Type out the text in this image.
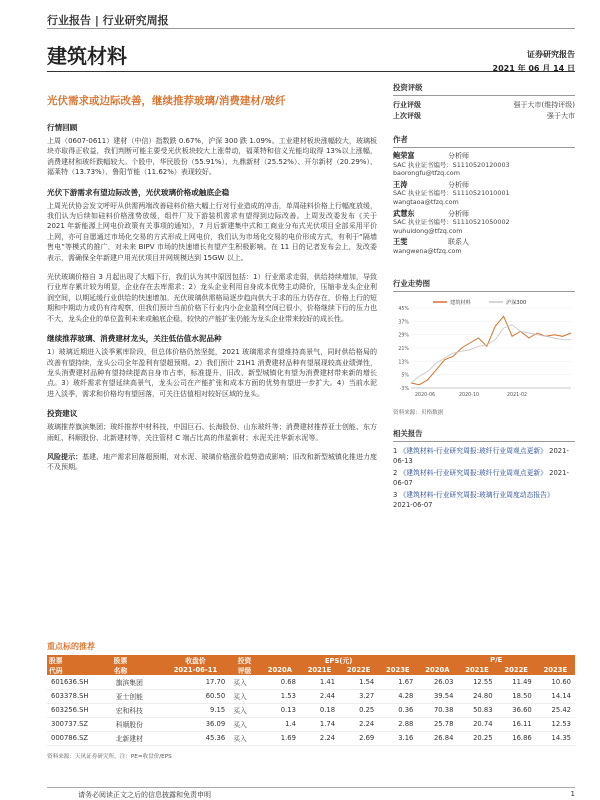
行业报告 | 行业研究周报
建筑材料	证券研究报告
2021 年 06 月 14 日
光伏需求或边际改善，继续推荐玻璃/消费建材/玻纤
行情回顾

上周（0607-0611）建材（中信）指数跌 0.67%，沪深 300 跌 1.09%。工业建材板块涨幅较大，玻璃板块亦取得正收益，我们判断可能主要受光伏板块较大上涨带动，福莱特和信义光能均取得 13%以上涨幅，消费建材和玻纤跌幅较大。个股中，华民股份（55.91%）、九鼎新材（25.52%）、开尔新材（20.29%）、福莱特（13.73%）、鲁阳节能（11.62%）表现较好。

光伏下游需求有望边际改善，光伏玻璃价格或触底企稳

上周光伏协会发文呼吁从供需两端改善硅料价格大幅上行对行业造成的冲击，单周硅料价格上行幅度放缓，我们认为后续如硅料价格涨势放缓，组件厂及下游装机需求有望得到边际改善。上周发改委发布《关于 2021 年新能源上网电价政策有关事项的通知》，7 月后新建集中式和工商业分布式光伏项目全部采用平价上网，亦可自愿通过市场化交易的方式形成上网电价，我们认为市场化交易的电价形成方式，有利于“隔墙售电”等模式的推广，对未来 BIPV 市场的快速增长有望产生积极影响。在 11 日的记者发布会上，发改委表示，需确保全年新建户用光伏项目并网规模达到 15GW 以上。

光伏玻璃价格自 3 月起出现了大幅下行，我们认为其中原因包括：1）行业需求走弱，供给持续增加，导致行业库存累计较为明显，企业存在去库需求；2）龙头企业利用自身成本优势主动降价，压缩非龙头企业利润空间，以期延缓行业供给的快速增加。光伏玻璃供需格局逐步趋向供大于求的压力仍存在，价格上行的短期和中期动力或仍有待观察，但我们预计当前价格下行业内小企业盈利空间已很小，价格继续下行的压力也不大，龙头企业的单位盈利未来或触底企稳，较快的产能扩张仍能为龙头企业带来较好的成长性。

继续推荐玻璃、消费建材龙头，关注低估值水泥品种

1）玻璃近期进入淡季累库阶段，但总体价格仍然坚挺，2021 玻璃需求有望维持高景气，同时供给格局的改善有望持续，龙头公司全年盈利有望超预期。2）我们预计 21H1 消费建材品种有望展现较高业绩弹性，龙头消费建材品种有望持续提高自身市占率，标准提升、旧改、新型城镇化有望为消费建材带来新的增长点。3）玻纤需求有望延续高景气，龙头公司在产能扩张和成本方面的优势有望进一步扩大。4）当前水泥进入淡季，需求和价格均有望回落，可关注估值相对较好区域的龙头。

投资建议

玻璃推荐旗滨集团；玻纤推荐中材科技，中国巨石、长海股份、山东玻纤等；消费建材推荐亚士创能、东方雨虹、科顺股份、北新建材等，关注管材 C 端占比高的伟星新材；水泥关注华新水泥等。

风险提示：基建、地产需求回落超预期，对水泥、玻璃价格涨价趋势造成影响；旧改和新型城镇化推进力度不及预期。

投资评级
行业评级	强于大市(维持评级)
上次评级	强于大市
作者
鲍荣富	分析师
SAC 执业证书编号：S1110520120003
baorongfu@tfzq.com
王涛	分析师
SAC 执业证书编号：S1110521010001
wangtaoa@tfzq.com
武慧东	分析师
SAC 执业证书编号：S1110521050002
wuhuidong@tfzq.com
王雯	联系人
wangwena@tfzq.com
行业走势图
-3%
5%
13%
21%
29%
37%
45%
2020-06	2020-10	2021-02
建筑材料	沪深300
资料来源：贝格数据
相关报告
1 《建筑材料-行业研究周报:玻纤行业周观点更新》 2021-06-13
2 《建筑材料-行业研究周报:玻纤行业周观点更新》 2021-06-07
3 《建筑材料-行业研究周报:玻璃行业周度动态报告》 2021-06-07
重点标的推荐
股票	股票	收盘价	投资	EPS(元)				P/E			
代码	名称	2021-06-11	评级	2020A	2021E	2022E	2023E	2020A	2021E	2022E	2023E
601636.SH	旗滨集团	17.70	买入	0.68	1.41	1.54	1.67	26.03	12.55	11.49	10.60
603378.SH	亚士创能	60.50	买入	1.53	2.44	3.27	4.28	39.54	24.80	18.50	14.14
603256.SH	宏和科技	9.15	买入	0.13	0.18	0.25	0.36	70.38	50.83	36.60	25.42
300737.SZ	科顺股份	36.09	买入	1.4	1.74	2.24	2.88	25.78	20.74	16.11	12.53
000786.SZ	北新建材	45.36	买入	1.69	2.24	2.69	3.16	26.84	20.25	16.86	14.35
资料来源：天风证券研究所，注：PE=收盘价/EPS
请务必阅读正文之后的信息披露和免责申明	1
